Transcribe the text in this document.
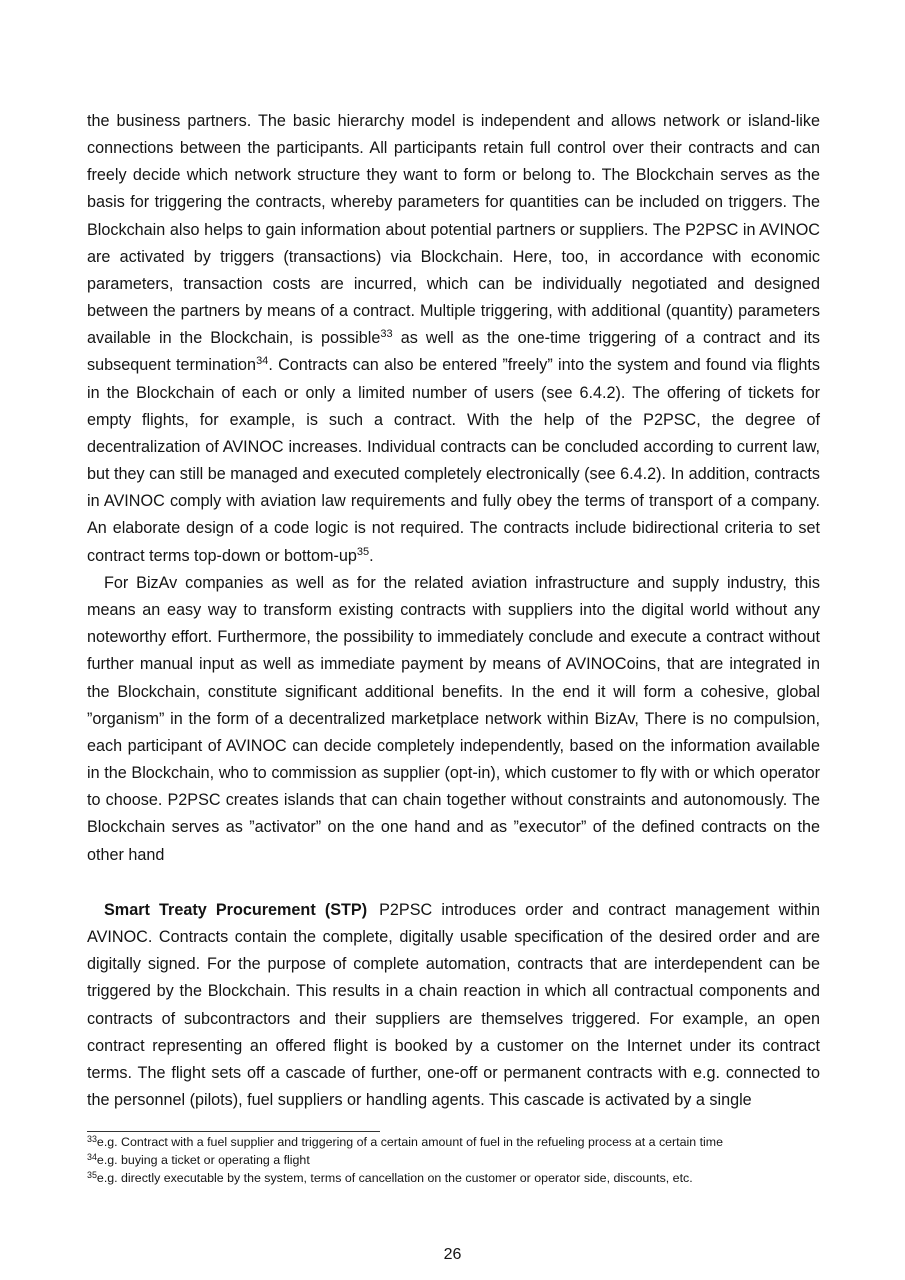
the business partners. The basic hierarchy model is independent and allows network or island-like connections between the participants. All participants retain full control over their contracts and can freely decide which network structure they want to form or belong to. The Blockchain serves as the basis for triggering the contracts, whereby parameters for quantities can be included on triggers. The Blockchain also helps to gain information about potential partners or suppliers. The P2PSC in AVINOC are activated by triggers (transactions) via Blockchain. Here, too, in accordance with economic parameters, transaction costs are incurred, which can be individually negotiated and designed between the partners by means of a contract. Multiple triggering, with additional (quantity) parameters available in the Blockchain, is possible$^{33}$ as well as the one-time triggering of a contract and its subsequent termination$^{34}$. Contracts can also be entered ”freely” into the system and found via flights in the Blockchain of each or only a limited number of users (see 6.4.2). The offering of tickets for empty flights, for example, is such a contract. With the help of the P2PSC, the degree of decentralization of AVINOC increases. Individual contracts can be concluded according to current law, but they can still be managed and executed completely electronically (see 6.4.2). In addition, contracts in AVINOC comply with aviation law requirements and fully obey the terms of transport of a company. An elaborate design of a code logic is not required. The contracts include bidirectional criteria to set contract terms top-down or bottom-$up^{35}$.
For BizAv companies as well as for the related aviation infrastructure and supply industry, this means an easy way to transform existing contracts with suppliers into the digital world without any noteworthy effort. Furthermore, the possibility to immediately conclude and execute a contract without further manual input as well as immediate payment by means of AVINOCoins, that are integrated in the Blockchain, constitute significant additional benefits. In the end it will form a cohesive, global ”organism” in the form of a decentralized marketplace network within BizAv, There is no compulsion, each participant of AVINOC can decide completely independently, based on the information available in the Blockchain, who to commission as supplier (opt-in), which customer to fly with or which operator to choose. P2PSC creates islands that can chain together without constraints and autonomously. The Blockchain serves as ”activator” on the one hand and as ”executor” of the defined contracts on the other hand
Smart Treaty Procurement (STP) P2PSC introduces order and contract management within AVINOC. Contracts contain the complete, digitally usable specification of the desired order and are digitally signed. For the purpose of complete automation, contracts that are interdependent can be triggered by the Blockchain. This results in a chain reaction in which all contractual components and contracts of subcontractors and their suppliers are themselves triggered. For example, an open contract representing an offered flight is booked by a customer on the Internet under its contract terms. The flight sets off a cascade of further, one-off or permanent contracts with e.g. connected to the personnel (pilots), fuel suppliers or handling agents. This cascade is activated by a single
$^{33}$e.g. Contract with a fuel supplier and triggering of a certain amount of fuel in the refueling process at a certain time
$^{34}$e.g. buying a ticket or operating a flight
$^{35}$e.g. directly executable by the system, terms of cancellation on the customer or operator side, discounts, etc.
26
